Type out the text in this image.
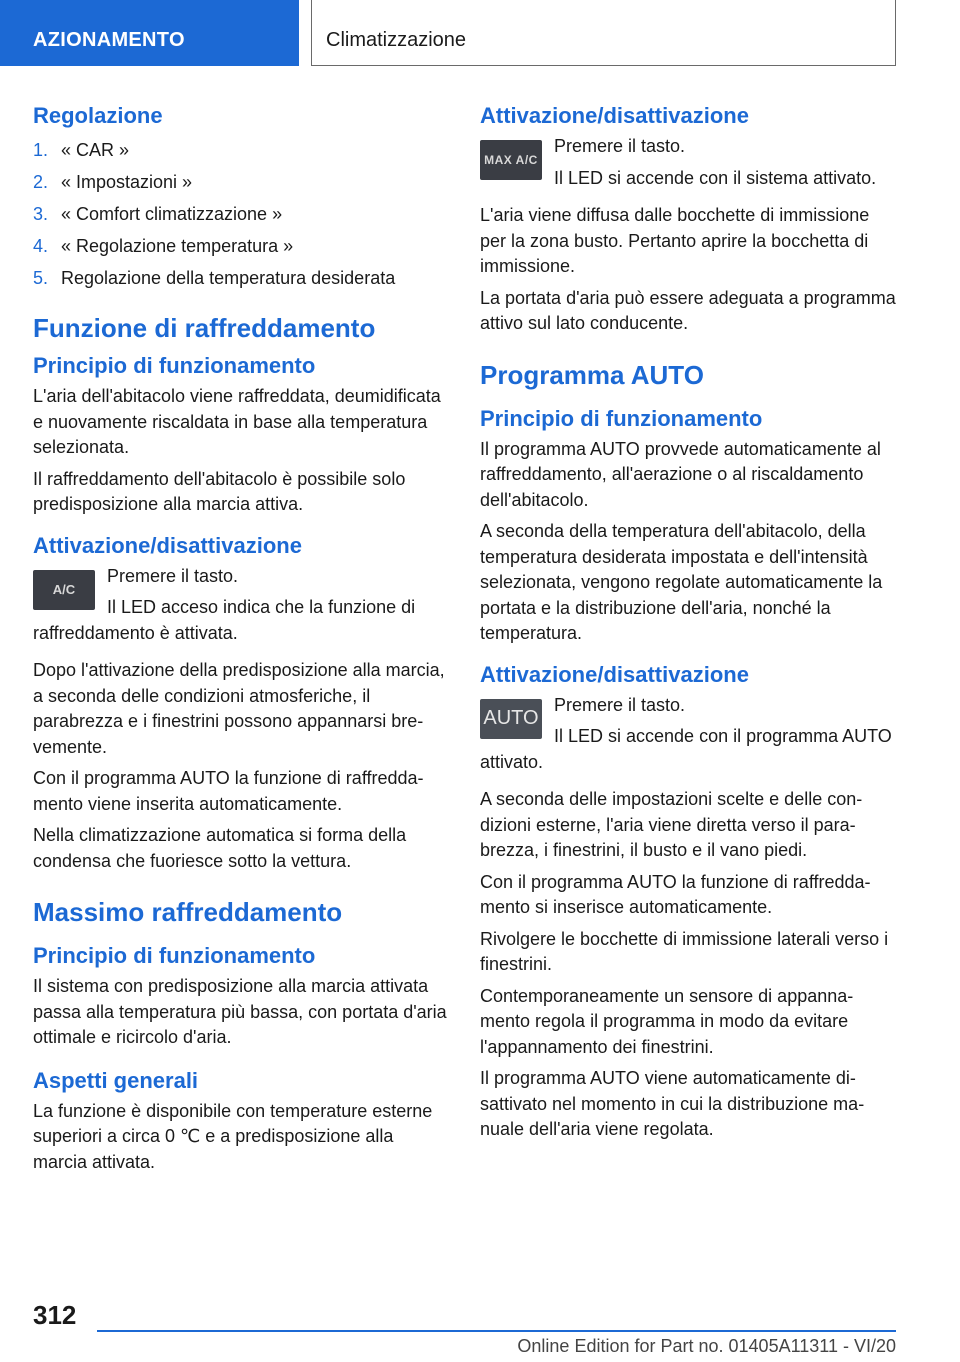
AZIONAMENTO	Climatizzazione
Regolazione
1. « CAR »
2. « Impostazioni »
3. « Comfort climatizzazione »
4. « Regolazione temperatura »
5. Regolazione della temperatura desiderata
Funzione di raffreddamento
Principio di funzionamento

L'aria dell'abitacolo viene raffreddata, deumidificata e nuovamente riscaldata in base alla temperatura selezionata.

Il raffreddamento dell'abitacolo è possibile solo predisposizione alla marcia attiva.

Attivazione/disattivazione
A/C

Premere il tasto.

Il LED acceso indica che la funzione di raffreddamento è attivata.

Dopo l'attivazione della predisposizione alla marcia, a seconda delle condizioni atmosferiche, il parabrezza e i finestrini possono appannarsi brevemente.

Con il programma AUTO la funzione di raffreddamento viene inserita automaticamente.

Nella climatizzazione automatica si forma della condensa che fuoriesce sotto la vettura.

Massimo raffreddamento
Principio di funzionamento

Il sistema con predisposizione alla marcia attivata passa alla temperatura più bassa, con portata d'aria ottimale e ricircolo d'aria.

Aspetti generali

La funzione è disponibile con temperature esterne superiori a circa 0 ℃ e a predisposizione alla marcia attivata.

Attivazione/disattivazione
MAX A/C

Premere il tasto.

Il LED si accende con il sistema attivato.

L'aria viene diffusa dalle bocchette di immissione per la zona busto. Pertanto aprire la bocchetta di immissione.

La portata d'aria può essere adeguata a programma attivo sul lato conducente.

Programma AUTO
Principio di funzionamento

Il programma AUTO provvede automaticamente al raffreddamento, all'aerazione o al riscaldamento dell'abitacolo.

A seconda della temperatura dell'abitacolo, della temperatura desiderata impostata e dell'intensità selezionata, vengono regolate automaticamente la portata e la distribuzione dell'aria, nonché la temperatura.

Attivazione/disattivazione
AUTO

Premere il tasto.

Il LED si accende con il programma AUTO attivato.

A seconda delle impostazioni scelte e delle condizioni esterne, l'aria viene diretta verso il parabrezza, i finestrini, il busto e il vano piedi.

Con il programma AUTO la funzione di raffreddamento si inserisce automaticamente.

Rivolgere le bocchette di immissione laterali verso i finestrini.

Contemporaneamente un sensore di appannamento regola il programma in modo da evitare l'appannamento dei finestrini.

Il programma AUTO viene automaticamente disattivato nel momento in cui la distribuzione manuale dell'aria viene regolata.

312
Online Edition for Part no. 01405A11311 - VI/20
